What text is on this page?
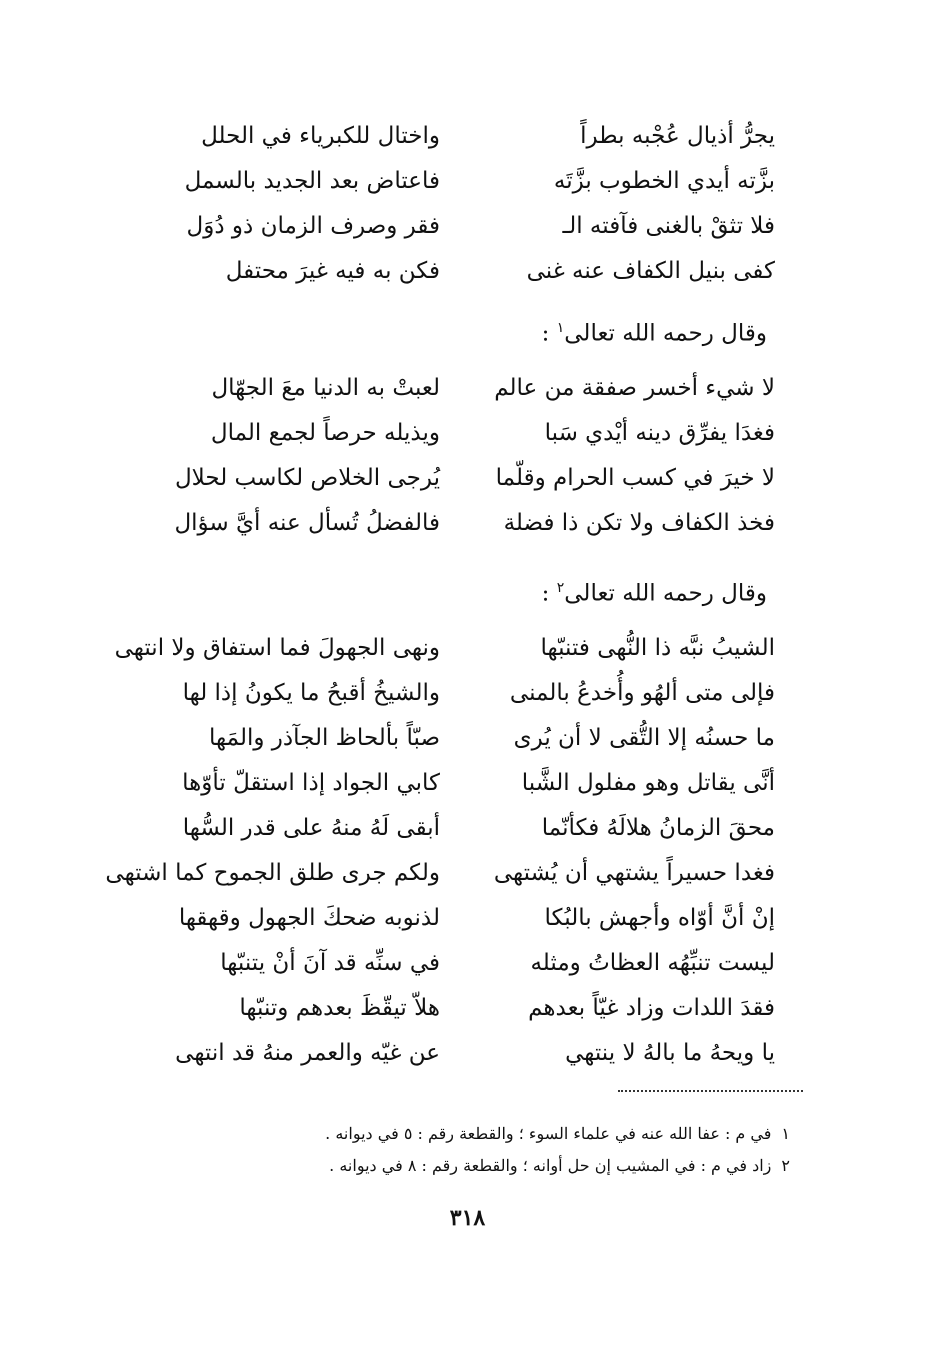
يجرُّ أذيال عُجْبه بطراً
واختال للكبرياء في الحلل
بزَّته أيدي الخطوب بزَّتَه
فاعتاض بعد الجديد بالسمل
فلا تثقْ بالغنى فآفته الـ
فقر وصرف الزمان ذو دُوَل
كفى بنيل الكفاف عنه غنى
فكن به فيه غيرَ محتفل
وقال رحمه الله تعالى$^١$ :
لا شيء أخسر صفقة من عالم
لعبتْ به الدنيا معَ الجهّال
فغدَا يفرِّق دينه أيْدي سَبا
ويذيله حرصاً لجمع المال
لا خيرَ في كسب الحرام وقلّما
يُرجى الخلاص لكاسب لحلال
فخذ الكفاف ولا تكن ذا فضلة
فالفضلُ تُسأل عنه أيَّ سؤال
وقال رحمه الله تعالى$^٢$ :
الشيبُ نبَّه ذا النُّهى فتنبّها
ونهى الجهولَ فما استفاق ولا انتهى
فإلى متى ألهُو وأُخدعُ بالمنى
والشيخُ أقبحُ ما يكونُ إذا لها
ما حسنُه إلا التُّقى لا أن يُرى
صبّاً بألحاظ الجآذر والمَها
أنَّى يقاتل وهو مفلول الشَّبا
كابي الجواد إذا استقلّ تأوّها
محقَ الزمانُ هلالَهُ فكأنّما
أبقى لَهُ منهُ على قدر السُّها
فغدا حسيراً يشتهي أن يُشتهى
ولكم جرى طلق الجموح كما اشتهى
إنْ أنَّ أوّاه وأجهش بالبُكا
لذنوبه ضحكَ الجهول وقهقها
ليست تنبِّهُه العظاتُ ومثله
في سنِّه قد آنَ أنْ يتنبّها
فقدَ اللدات وزاد غيّاً بعدهم
هلاّ تيقّظَ بعدهم وتنبّها
يا ويحهُ ما بالهُ لا ينتهي
عن غيّه والعمر منهُ قد انتهى
١في م : عفا الله عنه في علماء السوء ؛ والقطعة رقم : ٥ في ديوانه .
٢زاد في م : في المشيب إن حل أوانه ؛ والقطعة رقم : ٨ في ديوانه .
٣١٨
